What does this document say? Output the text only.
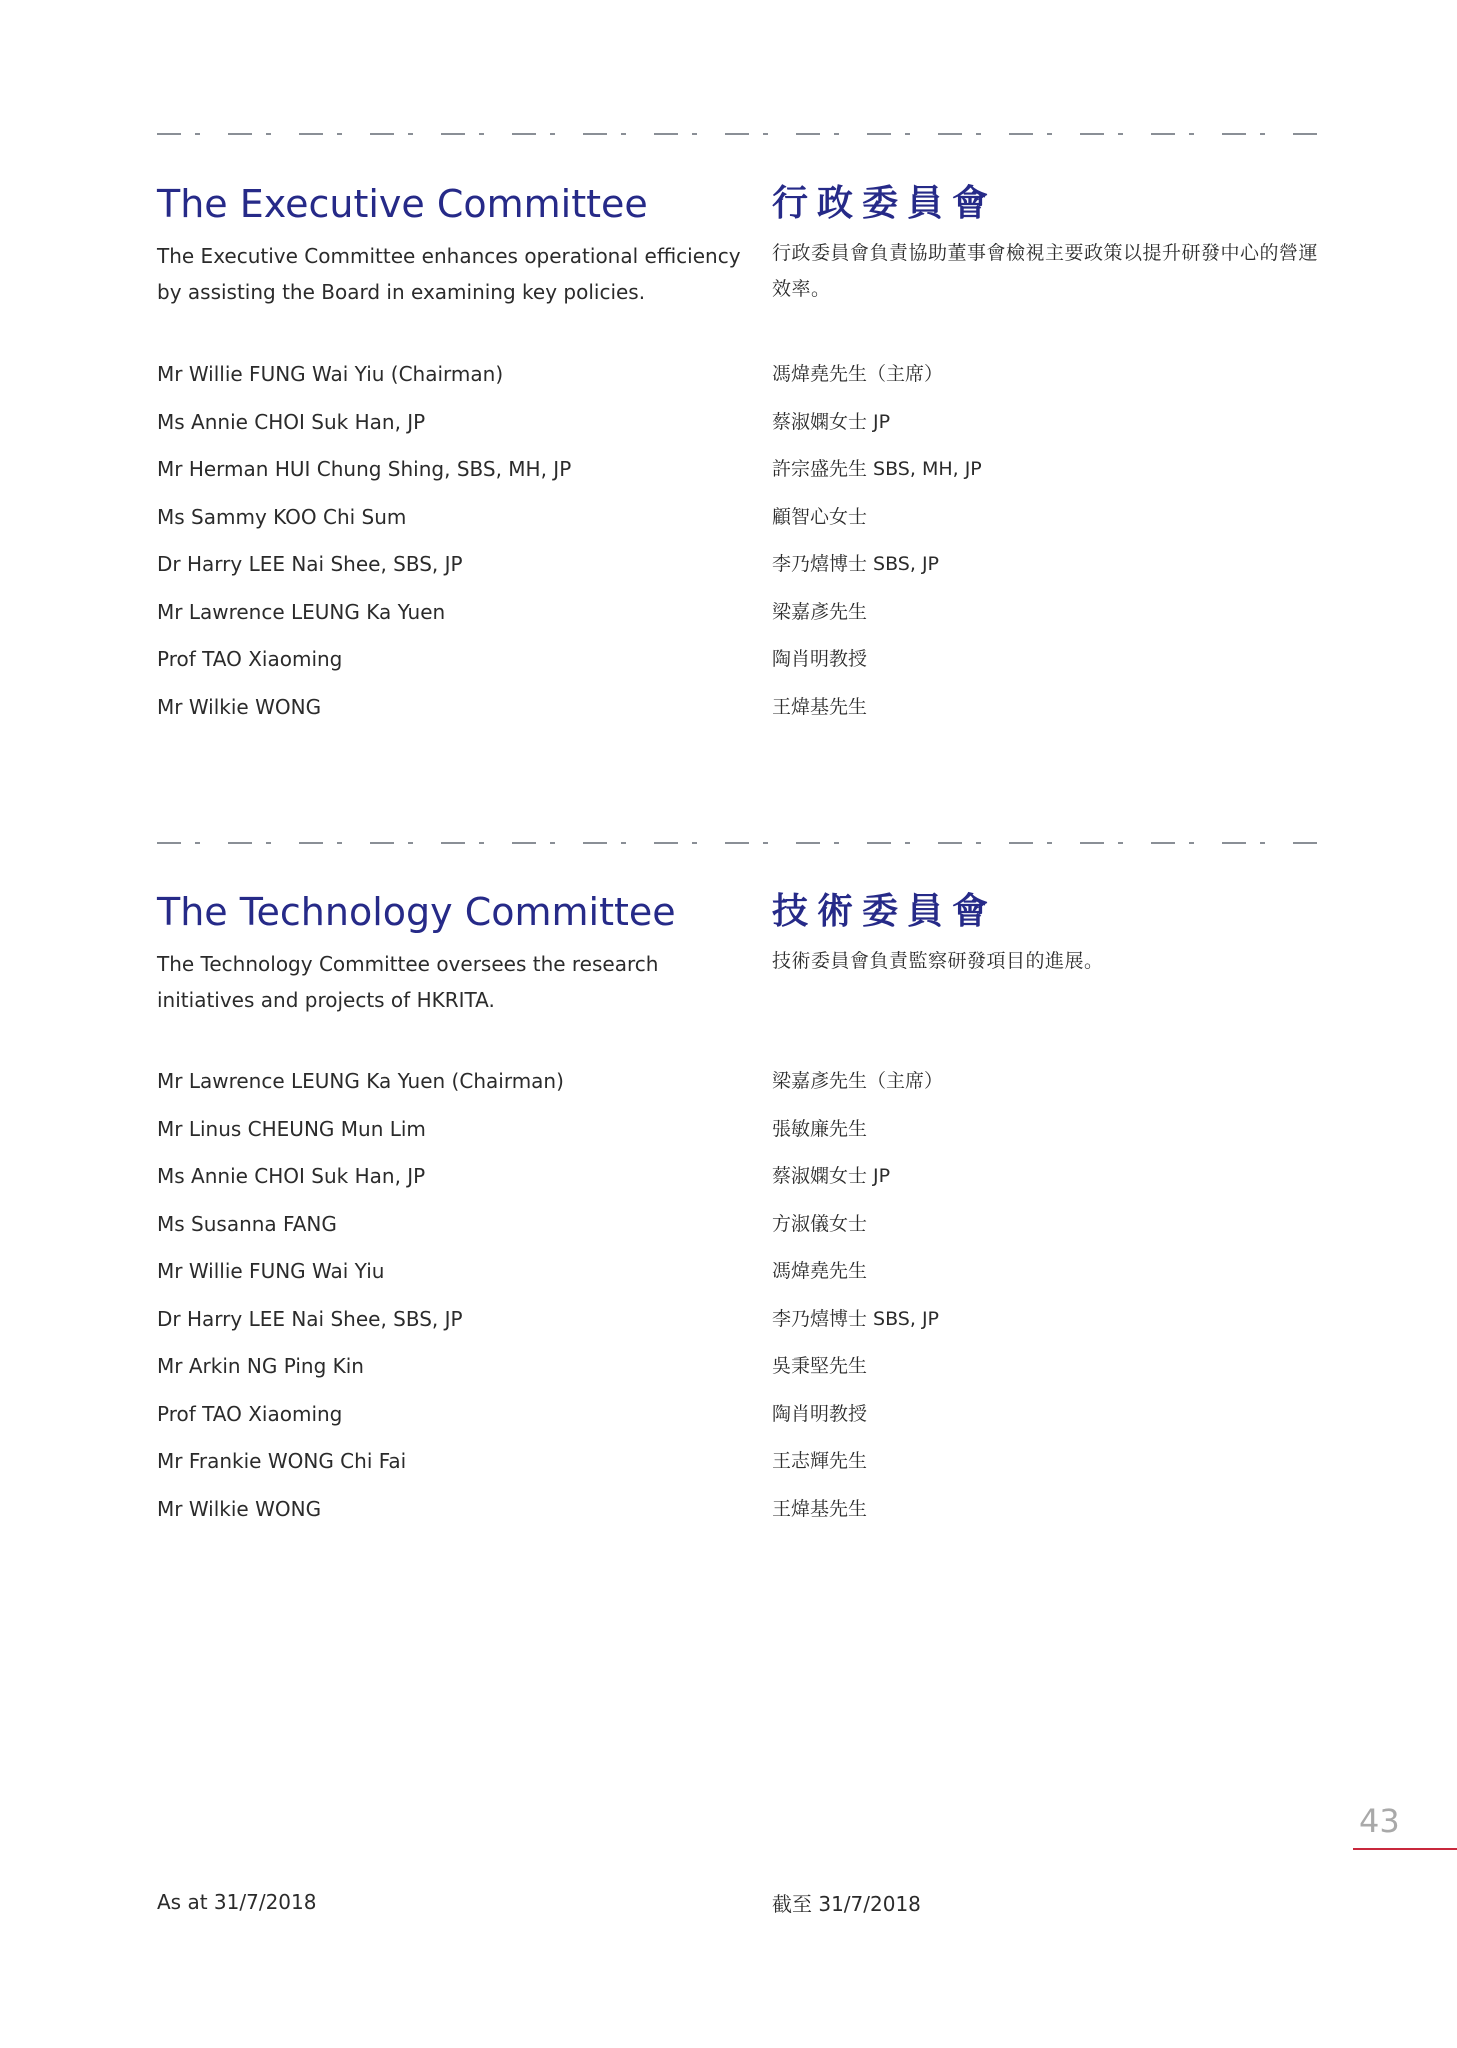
The Executive Committee

The Executive Committee enhances operational efficiency by assisting the Board in examining key policies.

行政委員會

行政委員會負責協助董事會檢視主要政策以提升研發中心的營運效率。

Mr Willie FUNG Wai Yiu (Chairman)
Ms Annie CHOI Suk Han, JP
Mr Herman HUI Chung Shing, SBS, MH, JP
Ms Sammy KOO Chi Sum
Dr Harry LEE Nai Shee, SBS, JP
Mr Lawrence LEUNG Ka Yuen
Prof TAO Xiaoming
Mr Wilkie WONG
馮煒堯先生（主席）
蔡淑嫻女士 JP
許宗盛先生 SBS, MH, JP
顧智心女士
李乃熺博士 SBS, JP
梁嘉彥先生
陶肖明教授
王煒基先生
The Technology Committee

The Technology Committee oversees the research initiatives and projects of HKRITA.

技術委員會

技術委員會負責監察研發項目的進展。

Mr Lawrence LEUNG Ka Yuen (Chairman)
Mr Linus CHEUNG Mun Lim
Ms Annie CHOI Suk Han, JP
Ms Susanna FANG
Mr Willie FUNG Wai Yiu
Dr Harry LEE Nai Shee, SBS, JP
Mr Arkin NG Ping Kin
Prof TAO Xiaoming
Mr Frankie WONG Chi Fai
Mr Wilkie WONG
梁嘉彥先生（主席）
張敏廉先生
蔡淑嫻女士 JP
方淑儀女士
馮煒堯先生
李乃熺博士 SBS, JP
吳秉堅先生
陶肖明教授
王志輝先生
王煒基先生
43
As at 31/7/2018	截至 31/7/2018
